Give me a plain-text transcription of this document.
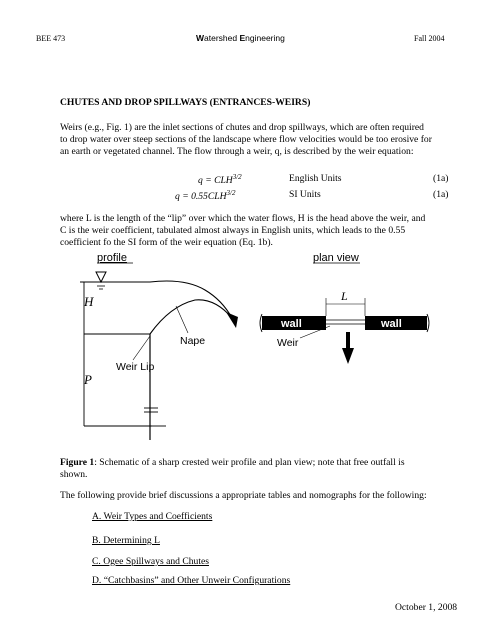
BEE 473	Watershed Engineering	Fall 2004
CHUTES AND DROP SPILLWAYS (ENTRANCES-WEIRS)
Weirs (e.g., Fig. 1) are the inlet sections of chutes and drop spillways, which are often required
to drop water over steep sections of the landscape where flow velocities would be too erosive for
an earth or vegetated channel. The flow through a weir, q, is described by the weir equation:
$q = CLH^{3/2}$	English Units	(1a)
$q = 0.55CLH^{3/2}$	SI Units	(1a)
where L is the length of the “lip” over which the water flows, H is the head above the weir, and
C is the weir coefficient, tabulated almost always in English units, which leads to the 0.55
coefficient fo the SI form of the weir equation (Eq. 1b).
profile	plan view
H
P
Weir Lip
Nape
wall	wall
L
Weir
Figure 1: Schematic of a sharp crested weir profile and plan view; note that free outfall is
shown.
The following provide brief discussions a appropriate tables and nomographs for the following:
A. Weir Types and Coefficients
B. Determining L
C. Ogee Spillways and Chutes
D. “Catchbasins” and Other Unweir Configurations
October 1, 2008
